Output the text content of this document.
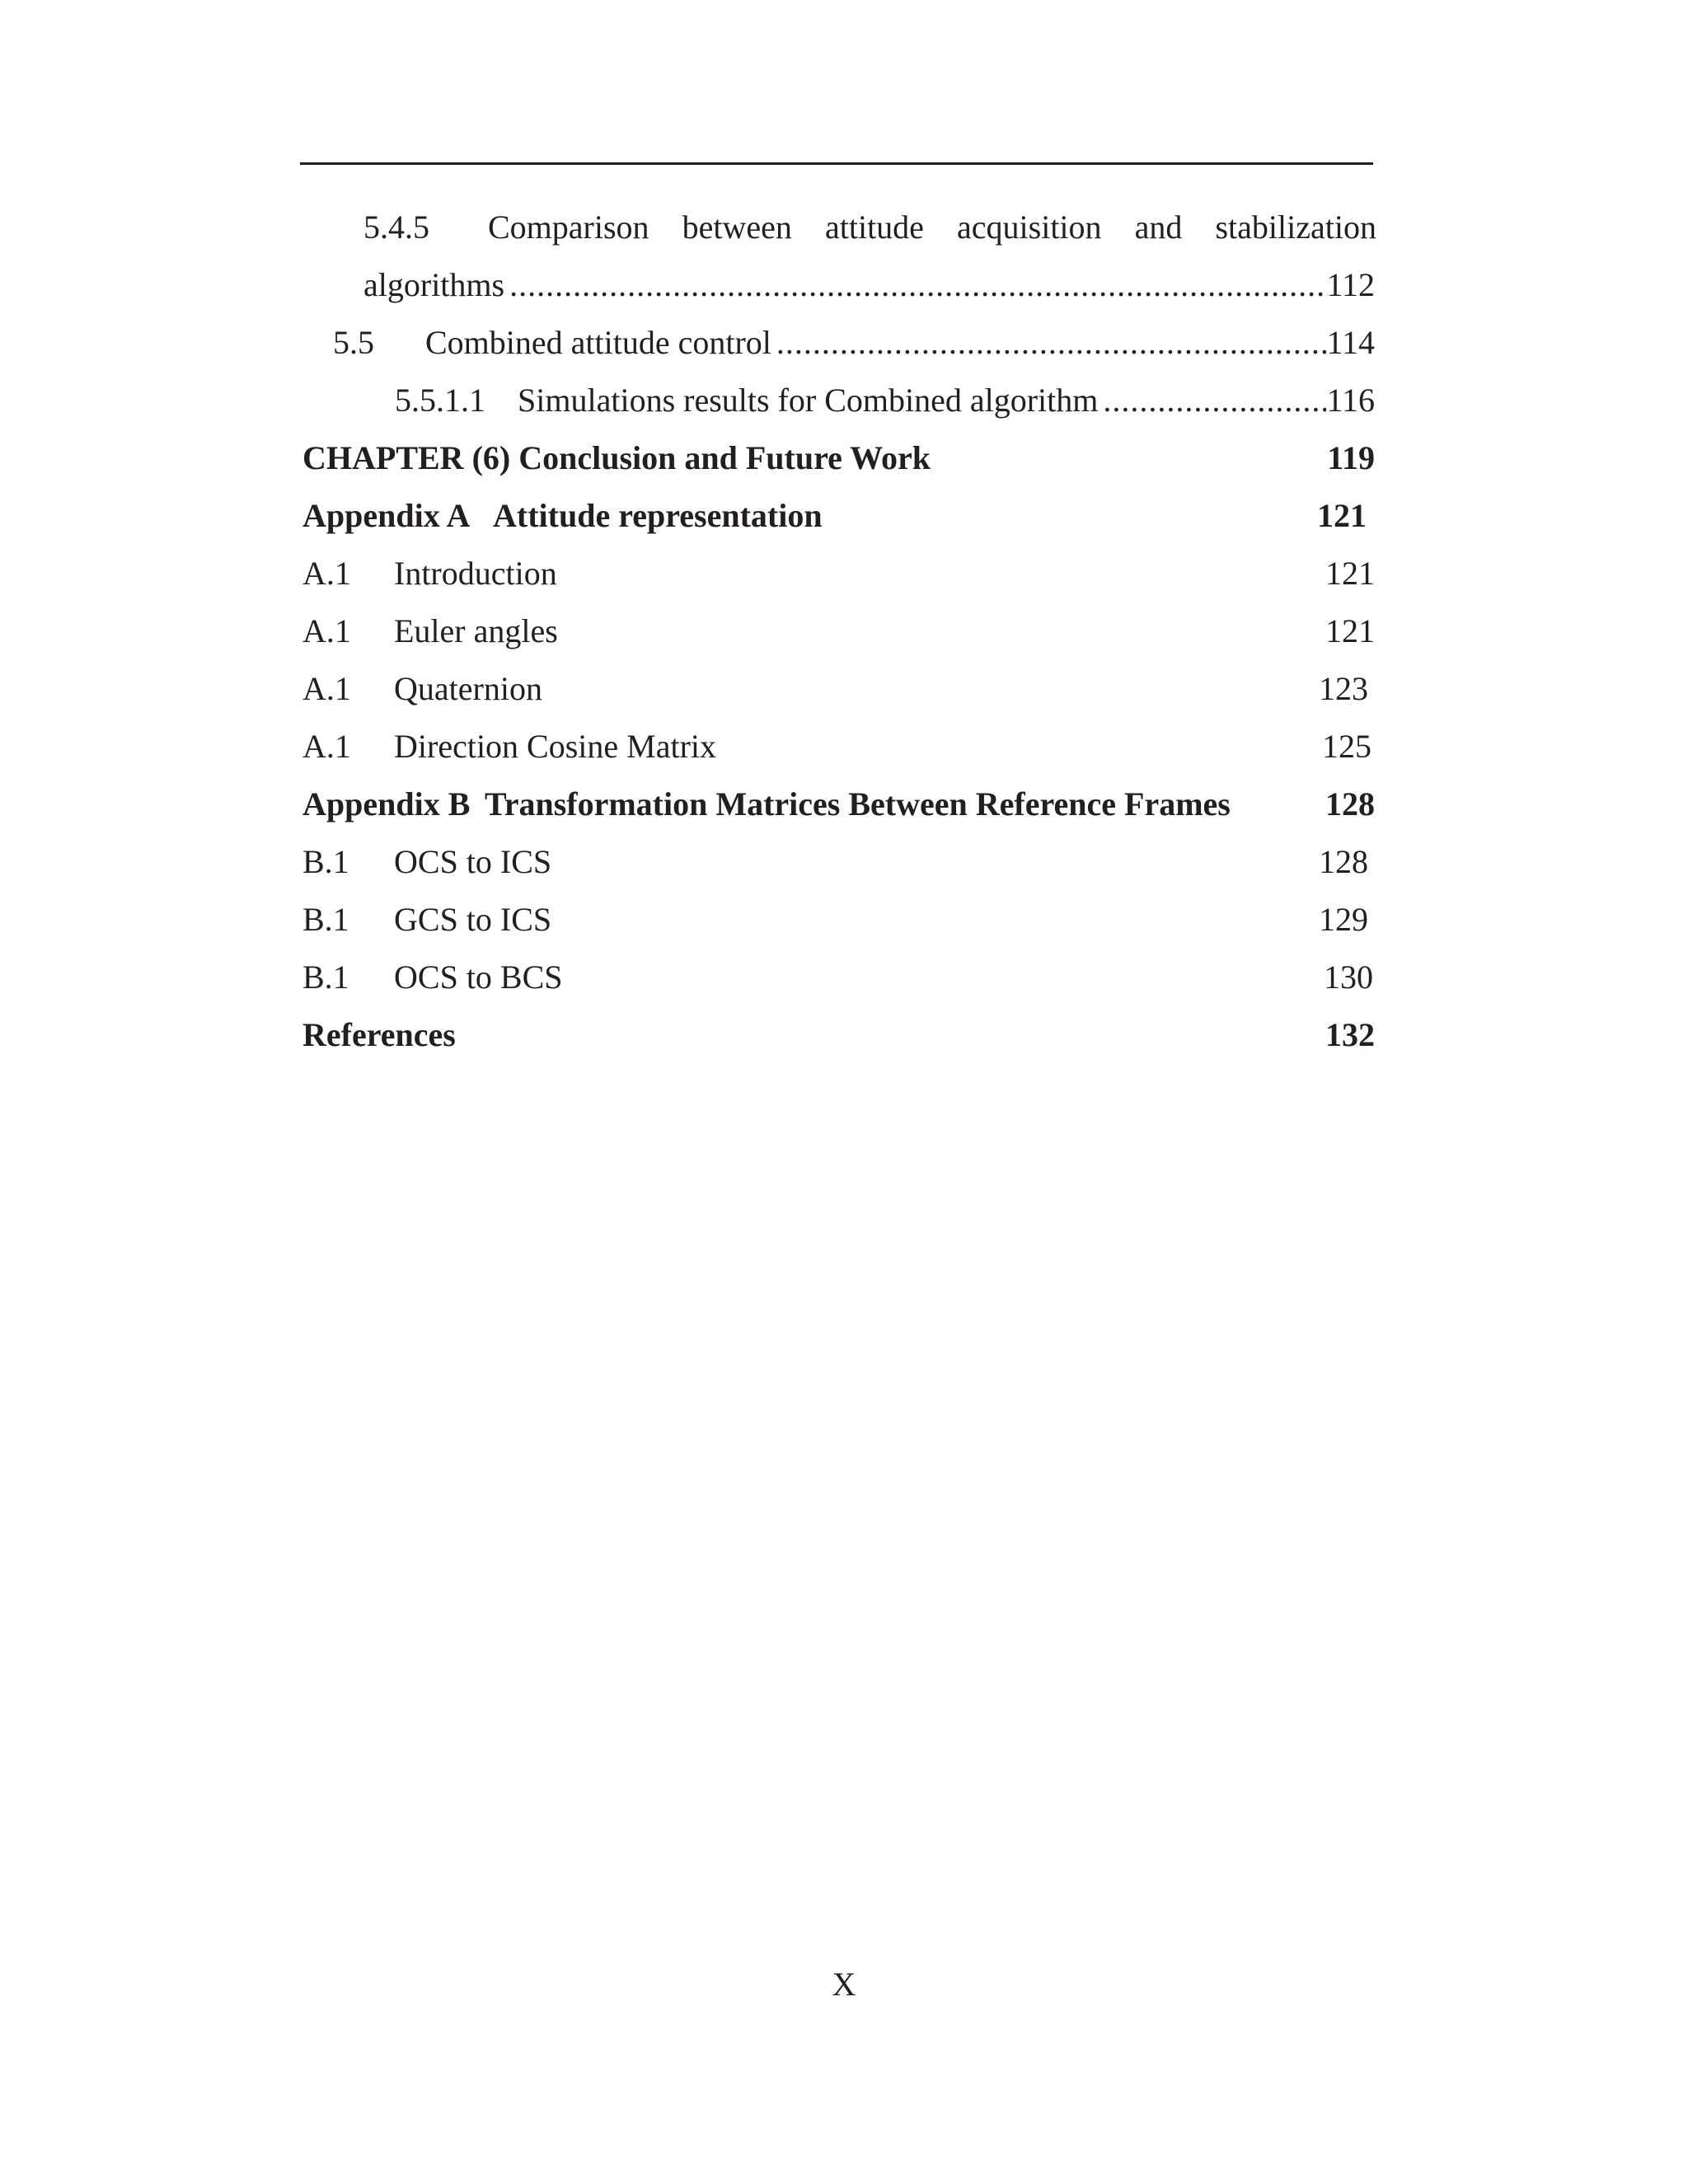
5.4.5 Comparison between attitude acquisition and stabilization
algorithms .....	112
5.5 Combined attitude control .....	114
5.5.1.1 Simulations results for Combined algorithm .....	116
CHAPTER (6) Conclusion and Future Work	119
Appendix A Attitude representation	121
A.1 Introduction	121
A.1 Euler angles	121
A.1 Quaternion	123
A.1 Direction Cosine Matrix	125
Appendix B Transformation Matrices Between Reference Frames	128
B.1 OCS to ICS	128
B.1 GCS to ICS	129
B.1 OCS to BCS	130
References	132
X
